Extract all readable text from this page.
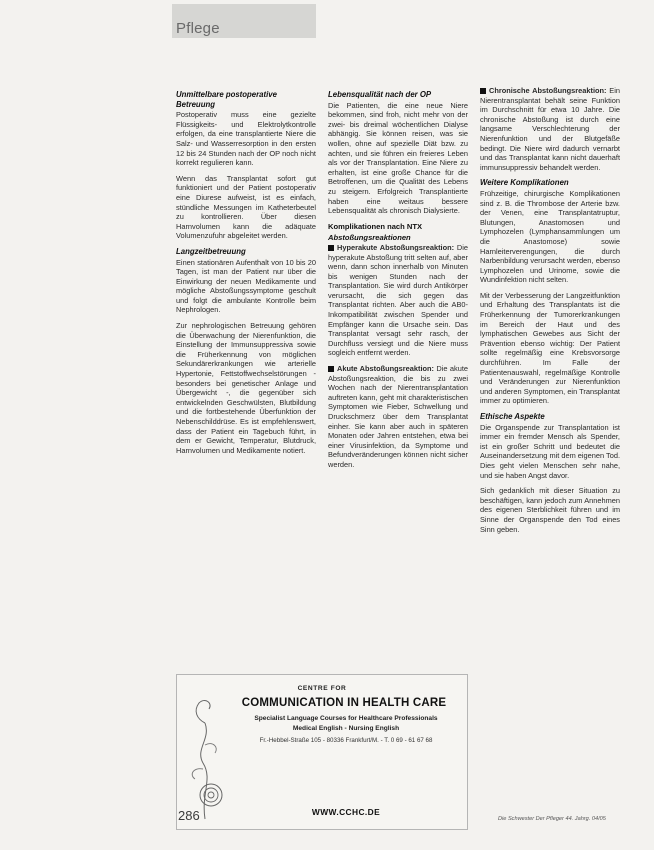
Pflege
Unmittelbare postoperative Betreuung

Postoperativ muss eine gezielte Flüssigkeits- und Elektrolytkontrolle erfolgen, da eine transplantierte Niere die Salz- und Wasserresorption in den ersten 12 bis 24 Stunden nach der OP noch nicht korrekt regulieren kann.

Wenn das Transplantat sofort gut funktioniert und der Patient postoperativ eine Diurese aufweist, ist es einfach, stündliche Messungen im Katheterbeutel zu kontrollieren. Über diesen Harnvolumen kann die adäquate Volumenzufuhr abgeleitet werden.

Langzeitbetreuung

Einen stationären Aufenthalt von 10 bis 20 Tagen, ist man der Patient nur über die Einwirkung der neuen Medikamente und mögliche Abstoßungssymptome geschult und folgt die ambulante Kontrolle beim Nephrologen.

Zur nephrologischen Betreuung gehören die Überwachung der Nierenfunktion, die Einstellung der Immunsuppressiva sowie die Früherkennung von möglichen Sekundärerkrankungen wie arterielle Hypertonie, Fettstoffwechselstörungen - besonders bei genetischer Anlage und Übergewicht -, die gegenüber sich entwickelnden Geschwülsten, Blutbildung und die fortbestehende Überfunktion der Nebenschilddrüse. Es ist empfehlenswert, dass der Patient ein Tagebuch führt, in dem er Gewicht, Temperatur, Blutdruck, Harnvolumen und Medikamente notiert.

Lebensqualität nach der OP

Die Patienten, die eine neue Niere bekommen, sind froh, nicht mehr von der zwei- bis dreimal wöchentlichen Dialyse abhängig. Sie können reisen, was sie wollen, ohne auf spezielle Diät bzw. zu achten, und sie führen ein freieres Leben als vor der Transplantation. Eine Niere zu erhalten, ist eine große Chance für die Betroffenen, um die Qualität des Lebens zu steigern. Erfolgreich Transplantierte haben eine weitaus bessere Lebensqualität als chronisch Dialysierte.

Komplikationen nach NTX
Abstoßungsreaktionen

Hyperakute Abstoßungsreaktion: Die hyperakute Abstoßung tritt selten auf, aber wenn, dann schon innerhalb von Minuten bis wenigen Stunden nach der Transplantation. Sie wird durch Antikörper verursacht, die sich gegen das Transplantat richten. Aber auch die AB0-Inkompatibilität zwischen Spender und Empfänger kann die Ursache sein. Das Transplantat versagt sehr rasch, der Durchfluss versiegt und die Niere muss sogleich entfernt werden.

Akute Abstoßungsreaktion: Die akute Abstoßungsreaktion, die bis zu zwei Wochen nach der Nierentransplantation auftreten kann, geht mit charakteristischen Symptomen wie Fieber, Schwellung und Druckschmerz über dem Transplantat einher. Sie kann aber auch in späteren Monaten oder Jahren entstehen, etwa bei einer Virusinfektion, da Symptome und Befundveränderungen können nicht sicher werden.

Chronische Abstoßungsreaktion: Ein Nierentransplantat behält seine Funktion im Durchschnitt für etwa 10 Jahre. Die chronische Abstoßung ist durch eine langsame Verschlechterung der Nierenfunktion und der Blutgefäße bedingt. Die Niere wird dadurch vernarbt und das Transplantat kann nicht dauerhaft immunsuppressiv behandelt werden.

Weitere Komplikationen

Frühzeitige, chirurgische Komplikationen sind z. B. die Thrombose der Arterie bzw. der Venen, eine Transplantatruptur, Blutungen, Anastomosen und Lymphozelen (Lymphansammlungen um die Anastomose) sowie Harnleiterverengungen, die durch Narbenbildung verursacht werden, ebenso Lymphozelen und Urinome, sowie die Wundinfektion nicht selten.

Mit der Verbesserung der Langzeitfunktion und Erhaltung des Transplantats ist die Früherkennung der Tumorerkrankungen im Bereich der Haut und des lymphatischen Gewebes aus Sicht der Prävention ebenso wichtig: Der Patient sollte regelmäßig eine Krebsvorsorge durchführen. Im Falle der Patientenauswahl, regelmäßige Kontrolle und Veränderungen zur Nierenfunktion und anderen Symptomen, ein Transplantat immer zu optimieren.

Ethische Aspekte

Die Organspende zur Transplantation ist immer ein fremder Mensch als Spender, ist ein großer Schritt und bedeutet die Auseinandersetzung mit dem eigenen Tod. Dies geht vielen Menschen sehr nahe, und sie haben Angst davor.

Sich gedanklich mit dieser Situation zu beschäftigen, kann jedoch zum Annehmen des eigenen Sterblichkeit führen und im Sinne der Organspende den Tod eines Sinn geben.

CENTRE FOR
COMMUNICATION IN HEALTH CARE
Specialist Language Courses for Healthcare Professionals
Medical English - Nursing English
Fr.-Hebbel-Straße 105 - 80336 Frankfurt/M. - T. 0 69 - 61 67 68
WWW.CCHC.DE
286	Die Schwester Der Pfleger 44. Jahrg. 04/05
